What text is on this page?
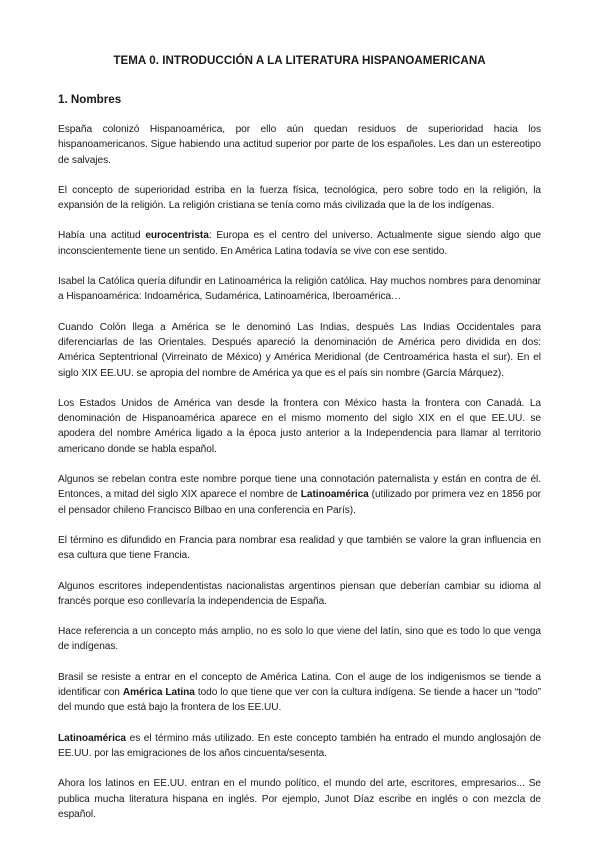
TEMA 0. INTRODUCCIÓN A LA LITERATURA HISPANOAMERICANA
1. Nombres

España colonizó Hispanoamérica, por ello aún quedan residuos de superioridad hacia los hispanoamericanos. Sigue habiendo una actitud superior por parte de los españoles. Les dan un estereotipo de salvajes.

El concepto de superioridad estriba en la fuerza física, tecnológica, pero sobre todo en la religión, la expansión de la religión. La religión cristiana se tenía como más civilizada que la de los indígenas.

Había una actitud eurocentrista: Europa es el centro del universo. Actualmente sigue siendo algo que inconscientemente tiene un sentido. En América Latina todavía se vive con ese sentido.

Isabel la Católica quería difundir en Latinoamérica la religión católica. Hay muchos nombres para denominar a Hispanoamérica: Indoamérica, Sudamérica, Latinoamérica, Iberoamérica…

Cuando Colón llega a América se le denominó Las Indias, después Las Indias Occidentales para diferenciarlas de las Orientales. Después apareció la denominación de América pero dividida en dos: América Septentrional (Virreinato de México) y América Meridional (de Centroamérica hasta el sur). En el siglo XIX EE.UU. se apropia del nombre de América ya que es el país sin nombre (García Márquez).

Los Estados Unidos de América van desde la frontera con México hasta la frontera con Canadá. La denominación de Hispanoamérica aparece en el mismo momento del siglo XIX en el que EE.UU. se apodera del nombre América ligado a la época justo anterior a la Independencia para llamar al territorio americano donde se habla español.

Algunos se rebelan contra este nombre porque tiene una connotación paternalista y están en contra de él. Entonces, a mitad del siglo XIX aparece el nombre de Latinoamérica (utilizado por primera vez en 1856 por el pensador chileno Francisco Bilbao en una conferencia en París).

El término es difundido en Francia para nombrar esa realidad y que también se valore la gran influencia en esa cultura que tiene Francia.

Algunos escritores independentistas nacionalistas argentinos piensan que deberían cambiar su idioma al francés porque eso conllevaría la independencia de España.

Hace referencia a un concepto más amplio, no es solo lo que viene del latín, sino que es todo lo que venga de indígenas.

Brasil se resiste a entrar en el concepto de América Latina. Con el auge de los indigenismos se tiende a identificar con América Latina todo lo que tiene que ver con la cultura indígena. Se tiende a hacer un “todo” del mundo que está bajo la frontera de los EE.UU.

Latinoamérica es el término más utilizado. En este concepto también ha entrado el mundo anglosajón de EE.UU. por las emigraciones de los años cincuenta/sesenta.

Ahora los latinos en EE.UU. entran en el mundo político, el mundo del arte, escritores, empresarios... Se publica mucha literatura hispana en inglés. Por ejemplo, Junot Díaz escribe en inglés o con mezcla de español.
